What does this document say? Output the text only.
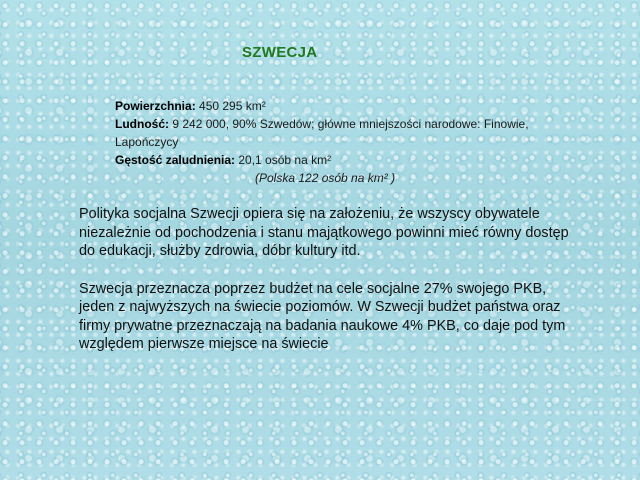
SZWECJA

Powierzchnia: 450 295 km²

Ludność: 9 242 000, 90% Szwedów; główne mniejszości narodowe: Finowie, Lapończycy

Gęstość zaludnienia: 20,1 osób na km²

(Polska 122 osób na km² )

Polityka socjalna Szwecji opiera się na założeniu, że wszyscy obywatele niezależnie od pochodzenia i stanu majątkowego powinni mieć równy dostęp do edukacji, służby zdrowia, dóbr kultury itd.

Szwecja przeznacza poprzez budżet na cele socjalne 27% swojego PKB, jeden z najwyższych na świecie poziomów. W Szwecji budżet państwa oraz firmy prywatne przeznaczają na badania naukowe 4% PKB, co daje pod tym względem pierwsze miejsce na świecie
